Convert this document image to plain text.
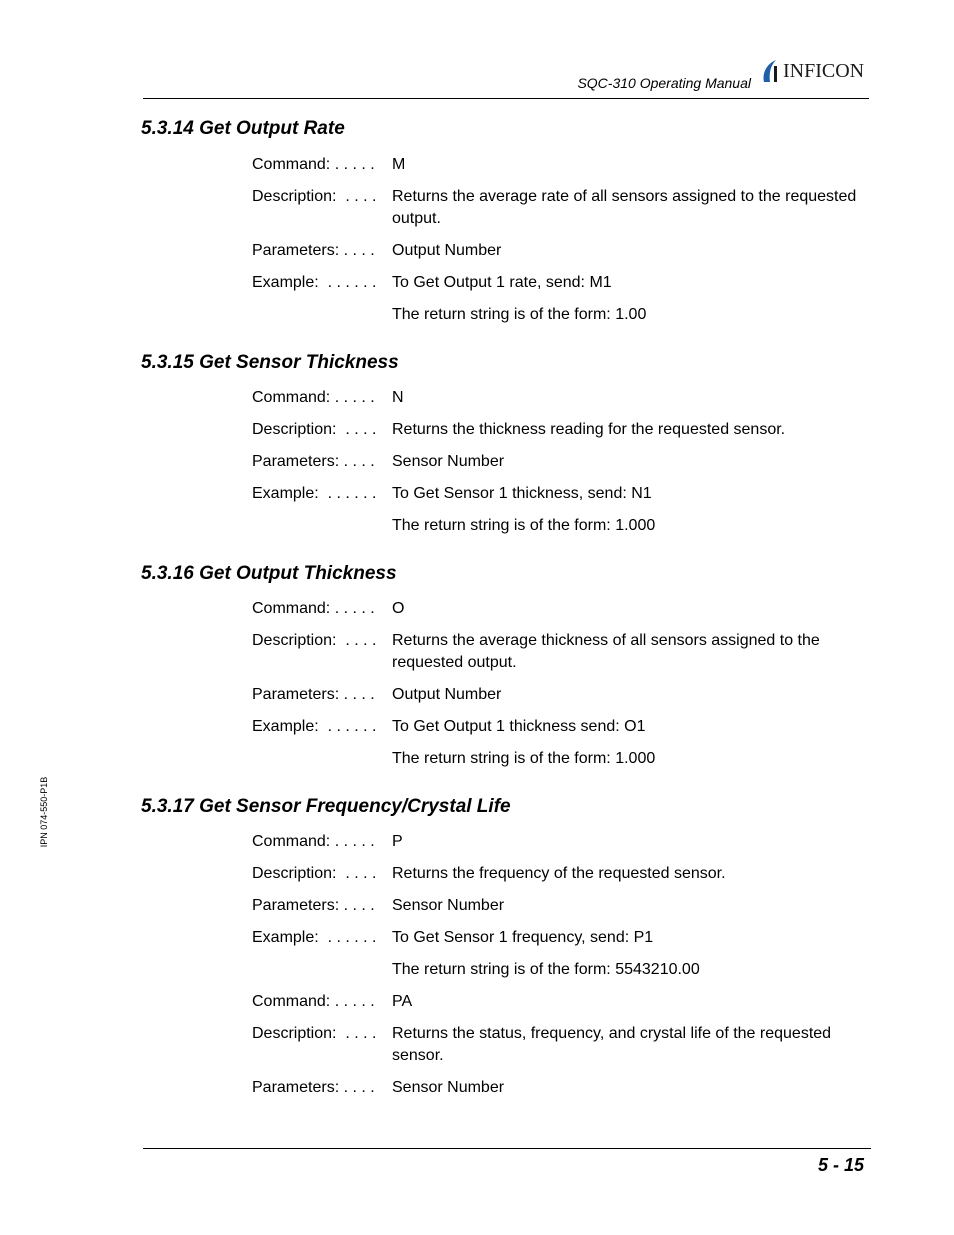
SQC-310 Operating Manual
INFICON
IPN 074-550-P1B
5.3.14 Get Output Rate
Command: . . . . .	M
Description:  . . . . Returns the average rate of all sensors assigned to the requested output.
Parameters: . . . .	Output Number
Example:  . . . . . . To Get Output 1 rate, send: M1
The return string is of the form: 1.00
5.3.15 Get Sensor Thickness
Command: . . . . .	N
Description:  . . . . Returns the thickness reading for the requested sensor.
Parameters: . . . .	Sensor Number
Example:  . . . . . . To Get Sensor 1 thickness, send: N1
The return string is of the form: 1.000
5.3.16 Get Output Thickness
Command: . . . . .	O
Description:  . . . . Returns the average thickness of all sensors assigned to the requested output.
Parameters: . . . .	Output Number
Example:  . . . . . . To Get Output 1 thickness send: O1
The return string is of the form: 1.000
5.3.17 Get Sensor Frequency/Crystal Life
Command: . . . . .	P
Description:  . . . . Returns the frequency of the requested sensor.
Parameters: . . . .	Sensor Number
Example:  . . . . . . To Get Sensor 1 frequency, send: P1
The return string is of the form: 5543210.00
Command: . . . . .	PA
Description:  . . . . Returns the status, frequency, and crystal life of the requested sensor.
Parameters: . . . .	Sensor Number
5 - 15
